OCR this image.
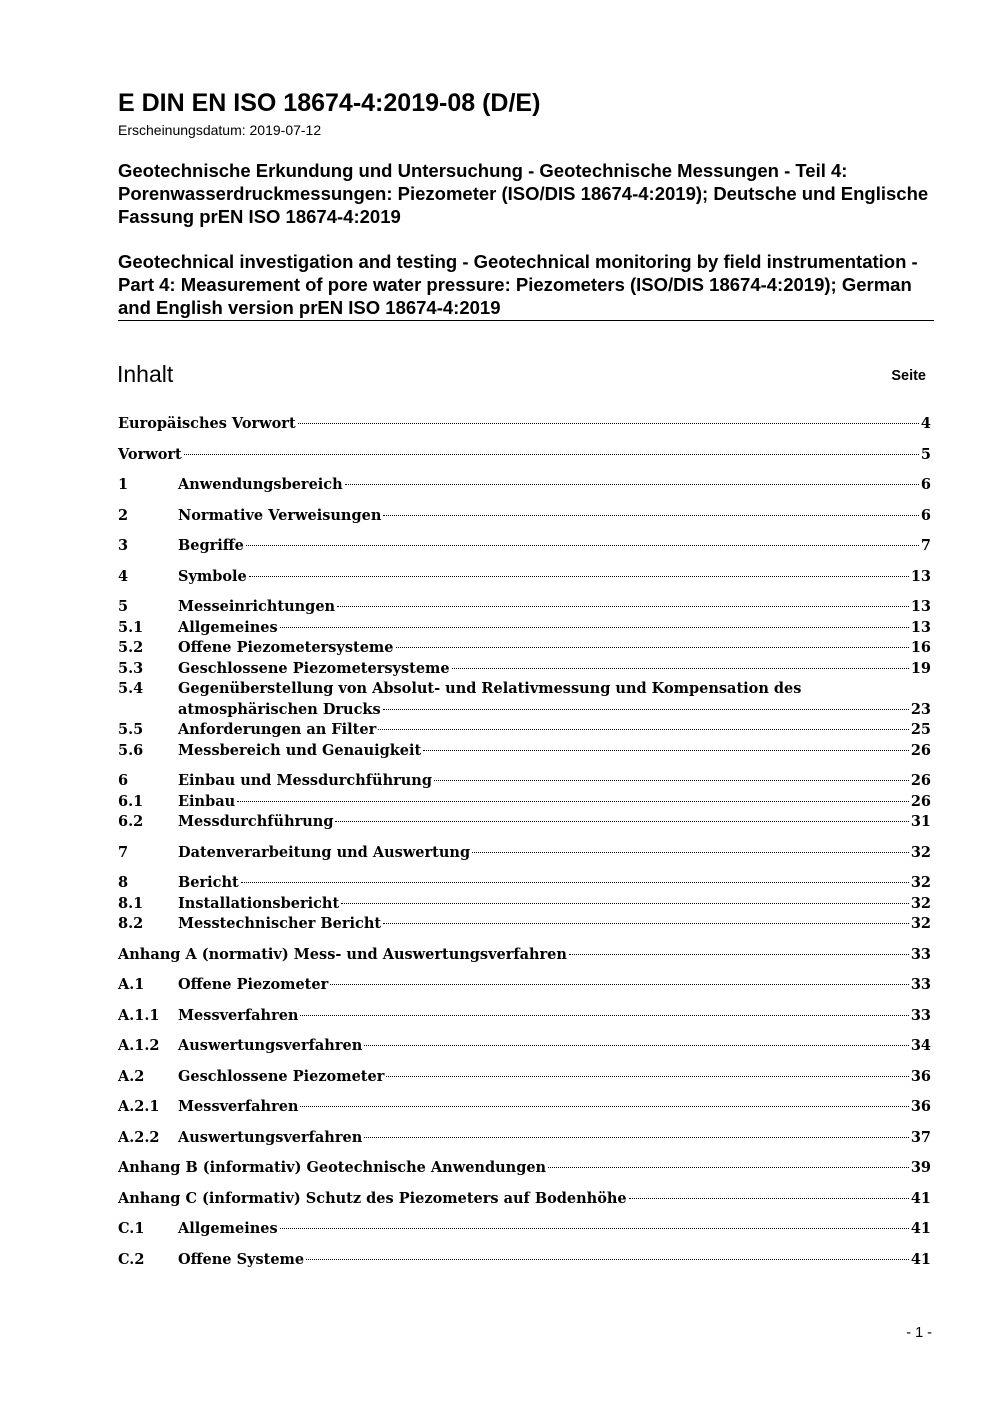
E DIN EN ISO 18674-4:2019-08 (D/E)
Erscheinungsdatum: 2019-07-12
Geotechnische Erkundung und Untersuchung - Geotechnische Messungen - Teil 4: Porenwasserdruckmessungen: Piezometer (ISO/DIS 18674-4:2019); Deutsche und Englische Fassung prEN ISO 18674-4:2019
Geotechnical investigation and testing - Geotechnical monitoring by field instrumentation - Part 4: Measurement of pore water pressure: Piezometers (ISO/DIS 18674-4:2019); German and English version prEN ISO 18674-4:2019
Inhalt	Seite
Europäisches Vorwort	4
Vorwort	5
1	Anwendungsbereich	6
2	Normative Verweisungen	6
3	Begriffe	7
4	Symbole	13
5	Messeinrichtungen	13
5.1	Allgemeines	13
5.2	Offene Piezometersysteme	16
5.3	Geschlossene Piezometersysteme	19
5.4	Gegenüberstellung von Absolut- und Relativmessung und Kompensation des
atmosphärischen Drucks	23
5.5	Anforderungen an Filter	25
5.6	Messbereich und Genauigkeit	26
6	Einbau und Messdurchführung	26
6.1	Einbau	26
6.2	Messdurchführung	31
7	Datenverarbeitung und Auswertung	32
8	Bericht	32
8.1	Installationsbericht	32
8.2	Messtechnischer Bericht	32
Anhang A (normativ) Mess- und Auswertungsverfahren	33
A.1	Offene Piezometer	33
A.1.1	Messverfahren	33
A.1.2	Auswertungsverfahren	34
A.2	Geschlossene Piezometer	36
A.2.1	Messverfahren	36
A.2.2	Auswertungsverfahren	37
Anhang B (informativ) Geotechnische Anwendungen	39
Anhang C (informativ) Schutz des Piezometers auf Bodenhöhe	41
C.1	Allgemeines	41
C.2	Offene Systeme	41
- 1 -
